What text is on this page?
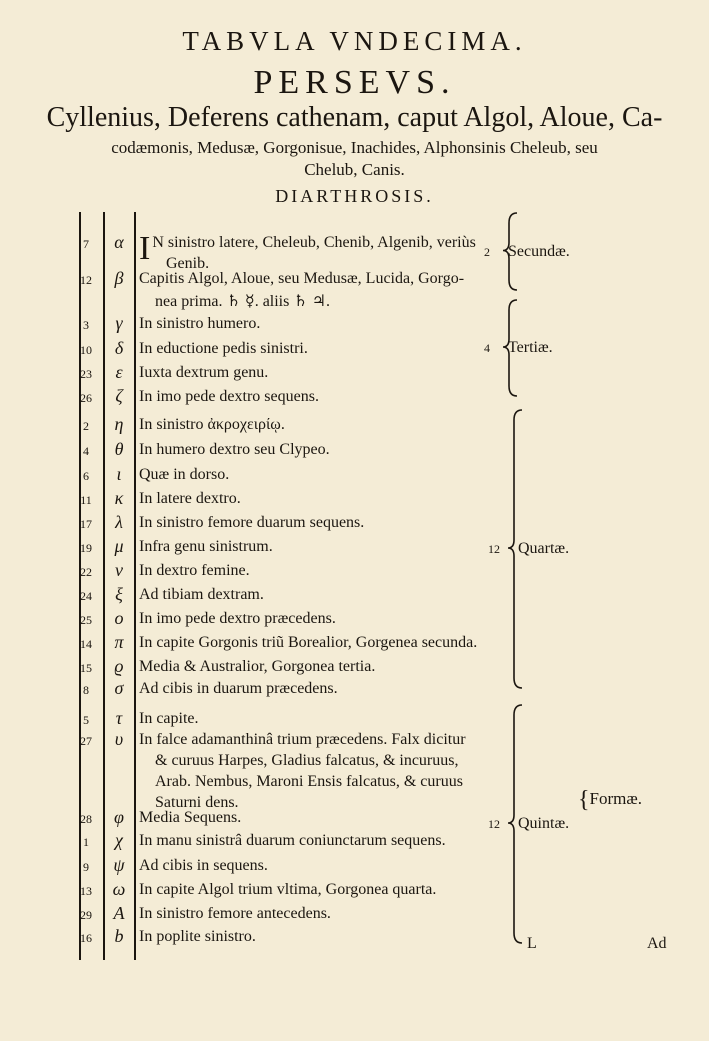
TABVLA VNDECIMA.
PERSEVS.
Cyllenius, Deferens cathenam, caput Algol, Aloue, Ca-
codæmonis, Medusæ, Gorgonisue, Inachides, Alphonsinis Cheleub, seu
Chelub, Canis.
DIARTHROSIS.
7	α I N sinistro latere, Cheleub, Chenib, Algenib, veriùs
Genib.
12	β Capitis Algol, Aloue, seu Medusæ, Lucida, Gorgo-
nea prima. ♄ ☿. aliis ♄ ♃.
3	γ	In sinistro humero.
10	δ In eductione pedis sinistri.
23	ε	Iuxta dextrum genu.
26	ζ	In imo pede dextro sequens.
2	η In sinistro ἀκροχειρίῳ.
4	θ In humero dextro seu Clypeo.
6	ι	Quæ in dorso.
11	κ In latere dextro.
17	λ	In sinistro femore duarum sequens.
19	μ Infra genu sinistrum.
22	ν	In dextro femine.
24	ξ	Ad tibiam dextram.
25	ο In imo pede dextro præcedens.
14	π In capite Gorgonis triũ Borealior, Gorgenea secunda.
15	ϱ Media & Australior, Gorgonea tertia.
8	σ Ad cibis in duarum præcedens.
5	τ	In capite.
27	υ In falce adamanthinâ trium præcedens. Falx dicitur
& curuus Harpes, Gladius falcatus, & incuruus,
Arab. Nembus, Maroni Ensis falcatus, & curuus
Saturni dens.
28	φ Media Sequens.
1	χ	In manu sinistrâ duarum coniunctarum sequens.
9	ψ Ad cibis in sequens.
13	ω In capite Algol trium vltima, Gorgonea quarta.
29	A In sinistro femore antecedens.
16	b In poplite sinistro.
2 Secundæ.
4 Tertiæ.
12 Quartæ.
12 Quintæ.
{Formæ.
L	Ad
